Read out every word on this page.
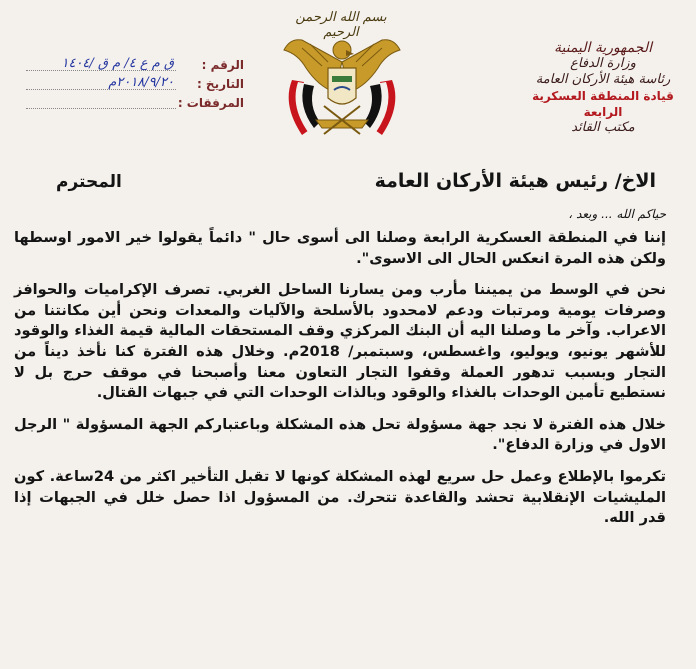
الجمهورية اليمنية
وزارة الدفاع
رئاسة هيئة الأركان العامة
قيادة المنطقة العسكرية الرابعة
مكتب القائد
بسم الله الرحمن الرحيم
الرقم :
ق م ع ٤/ م ق /١٤٠٤
التاريخ :
٢٠١٨/٩/٢٠م
المرفقات :
الاخ/ رئيس هيئة الأركان العامة
المحترم

حياكم الله ... وبعد ،

إننا في المنطقة العسكرية الرابعة وصلنا الى أسوى حال " دائماً يقولوا خير الامور اوسطها ولكن هذه المرة انعكس الحال الى الاسوى".

نحن في الوسط من يميننا مأرب ومن يسارنا الساحل الغربي. تصرف الإكراميات والحوافز وصرفات يومية ومرتبات ودعم لامحدود بالأسلحة والآليات والمعدات ونحن أين مكانتنا من الاعراب. وآخر ما وصلنا اليه أن البنك المركزي وقف المستحقات المالية قيمة الغذاء والوقود للأشهر يونيو، ويوليو، واغسطس، وسبتمبر/ 2018م. وخلال هذه الفترة كنا نأخذ ديناً من التجار وبسبب تدهور العملة وقفوا التجار التعاون معنا وأصبحنا في موقف حرج بل لا نستطيع تأمين الوحدات بالغذاء والوقود وبالذات الوحدات التي في جبهات القتال.

خلال هذه الفترة لا نجد جهة مسؤولة تحل هذه المشكلة وباعتباركم الجهة المسؤولة " الرجل الاول في وزارة الدفاع".

تكرموا بالإطلاع وعمل حل سريع لهذه المشكلة كونها لا تقبل التأخير اكثر من 24ساعة. كون المليشيات الإنقلابية تحشد والقاعدة تتحرك. من المسؤول اذا حصل خلل في الجبهات إذا قدر الله.
